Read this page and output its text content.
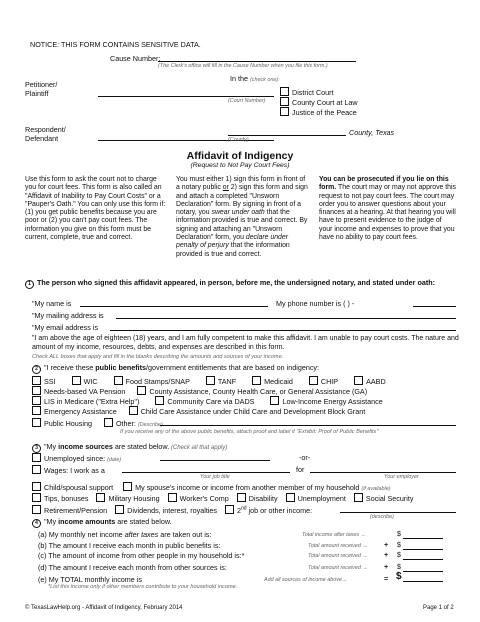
NOTICE: THIS FORM CONTAINS SENSITIVE DATA.
Cause Number:
(The Clerk's office will fill in the Cause Number when you file this form.)
In the (check one):
Petitioner/
Plaintiff
(Court Number)
District Court
County Court at Law
Justice of the Peace
Respondent/
Defendant	(County)
County, Texas
Affidavit of Indigency
(Request to Not Pay Court Fees)
Use this form to ask the court not to charge you for court fees. This form is also called an "Affidavit of Inability to Pay Court Costs" or a "Pauper's Oath." You can only use this form if: (1) you get public benefits because you are poor or (2) you can't pay court fees. The information you give on this form must be current, complete, true and correct.
You must either 1) sign this form in front of a notary public or 2) sign this form and sign and attach a completed "Unsworn Declaration" form. By signing in front of a notary, you swear under oath that the information provided is true and correct. By signing and attaching an "Unsworn Declaration" form, you declare under penalty of perjury that the information provided is true and correct.
You can be prosecuted if you lie on this form. The court may or may not approve this request to not pay court fees. The court may order you to answer questions about your finances at a hearing. At that hearing you will have to present evidence to the judge of your income and expenses to prove that you have no ability to pay court fees.
1 The person who signed this affidavit appeared, in person, before me, the undersigned notary, and stated under oath:
"My name is	My phone number is ( ) -
"My mailing address is
"My email address is
"I am above the age of eighteen (18) years, and I am fully competent to make this affidavit. I am unable to pay court costs. The nature and amount of my income, resources, debts, and expenses are described in this form.
Check ALL boxes that apply and fill in the blanks describing the amounts and sources of your income.
2 "I receive these public benefits/government entitlements that are based on indigency:
SSI	WIC	Food Stamps/SNAP	TANF	Medicaid	CHIP	AABD
Needs-based VA Pension	County Assistance, County Health Care, or General Assistance (GA)
LIS in Medicare ("Extra Help")	Community Care via DADS	Low-Income Energy Assistance
Emergency Assistance	Child Care Assistance under Child Care and Development Block Grant
Public Housing	Other: (Describe)
If you receive any of the above public benefits, attach proof and label it "Exhibit: Proof of Public Benefits"
3 "My income sources are stated below. (Check all that apply)
Unemployed since: (date)	-or-
Wages: I work as a	for
Your job title	Your employer
Child/spousal support	My spouse's income or income from another member of my household (if available)
Tips, bonuses	Military Housing	Worker's Comp	Disability	Unemployment	Social Security
Retirement/Pension	Dividends, interest, royalties	2nd job or other income:
(describe)
4 "My income amounts are stated below.
(a) My monthly net income after taxes are taken out is:	Total income after taxes →	$
(b) The amount I receive each month in public benefits is:	Total amount received → + $
(c) The amount of income from other people in my household is:*	Total amount received → + $
(d) The amount I receive each month from other sources is:	Total amount received → + $
(e) My TOTAL monthly income is	Add all sources of income above→	= $
*List this income only if other members contribute to your household income.
© TexasLawHelp.org - Affidavit of Indigency, February 2014	Page 1 of 2
